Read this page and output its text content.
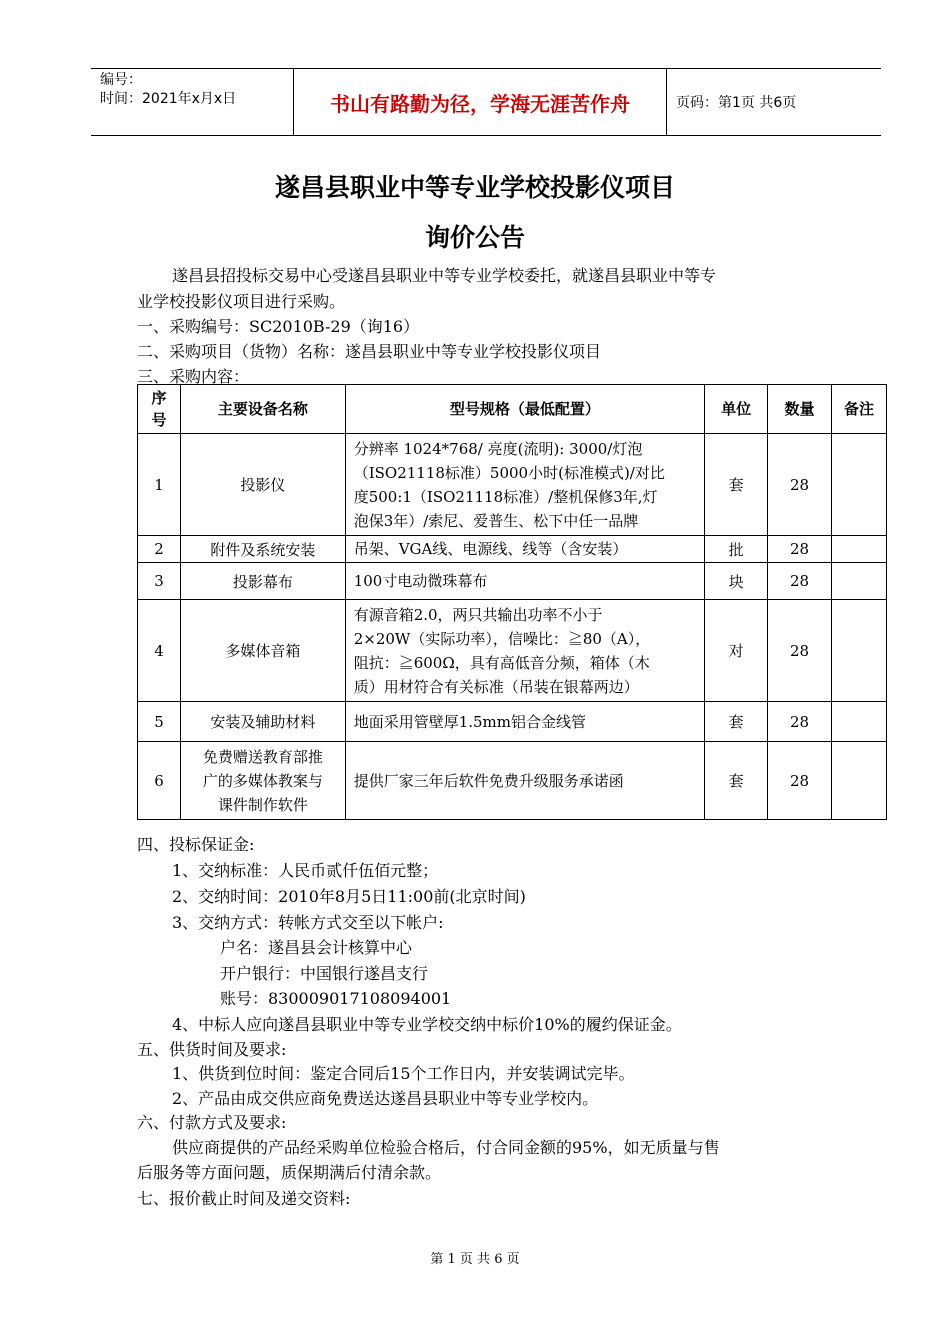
编号：
时间：2021年x月x日	书山有路勤为径，学海无涯苦作舟	页码：第1页 共6页
遂昌县职业中等专业学校投影仪项目
询价公告
遂昌县招投标交易中心受遂昌县职业中等专业学校委托，就遂昌县职业中等专
业学校投影仪项目进行采购。
一、采购编号：SC2010B-29（询16）
二、采购项目（货物）名称：遂昌县职业中等专业学校投影仪项目
三、采购内容：
序号	主要设备名称	型号规格（最低配置）	单位	数量	备注
1	投影仪	分辨率 1024*768/ 亮度(流明): 3000/灯泡
（ISO21118标准）5000小时(标准模式)/对比
度500:1（ISO21118标准）/整机保修3年,灯
泡保3年）/索尼、爱普生、松下中任一品牌	套	28	
2	附件及系统安装	吊架、VGA线、电源线、线等（含安装）	批	28	
3	投影幕布	100寸电动微珠幕布	块	28	
4	多媒体音箱	有源音箱2.0，两只共输出功率不小于
2×20W（实际功率），信噪比：≧80（A），
阻抗：≧600Ω，具有高低音分频，箱体（木
质）用材符合有关标准（吊装在银幕两边）	对	28	
5	安装及辅助材料	地面采用管壁厚1.5mm铝合金线管	套	28	
6	免费赠送教育部推
广的多媒体教案与
课件制作软件	提供厂家三年后软件免费升级服务承诺函	套	28	
四、投标保证金:
1、交纳标准：人民币贰仟伍佰元整；
2、交纳时间：2010年8月5日11:00前(北京时间)
3、交纳方式：转帐方式交至以下帐户:
户名：遂昌县会计核算中心
开户银行：中国银行遂昌支行
账号：830009017108094001
4、中标人应向遂昌县职业中等专业学校交纳中标价10%的履约保证金。
五、供货时间及要求:
1、供货到位时间：鉴定合同后15个工作日内，并安装调试完毕。
2、产品由成交供应商免费送达遂昌县职业中等专业学校内。
六、付款方式及要求:
供应商提供的产品经采购单位检验合格后，付合同金额的95%，如无质量与售
后服务等方面问题，质保期满后付清余款。
七、报价截止时间及递交资料:
第 1 页 共 6 页
